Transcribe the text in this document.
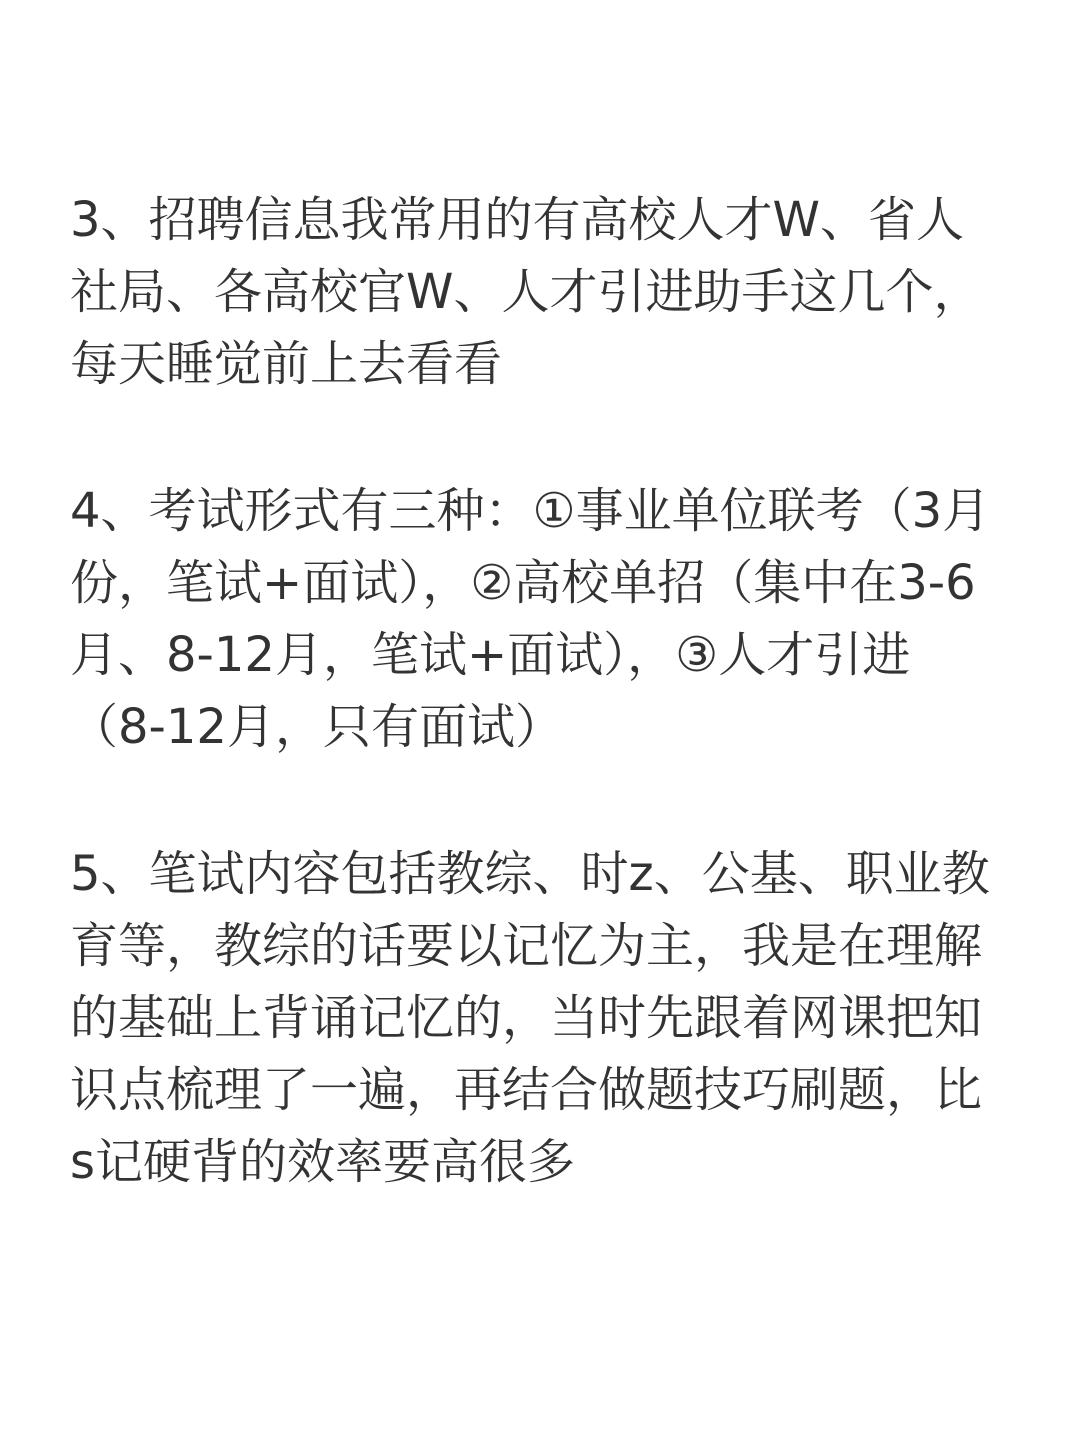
3、招聘信息我常用的有高校人才W、省人

社局、各高校官W、人才引进助手这几个，

每天睡觉前上去看看

4、考试形式有三种：①事业单位联考（3月

份，笔试+面试），②高校单招（集中在3-6

月、8-12月，笔试+面试），③人才引进

（8-12月，只有面试）

5、笔试内容包括教综、时z、公基、职业教

育等，教综的话要以记忆为主，我是在理解

的基础上背诵记忆的，当时先跟着网课把知

识点梳理了一遍，再结合做题技巧刷题，比

s记硬背的效率要高很多
